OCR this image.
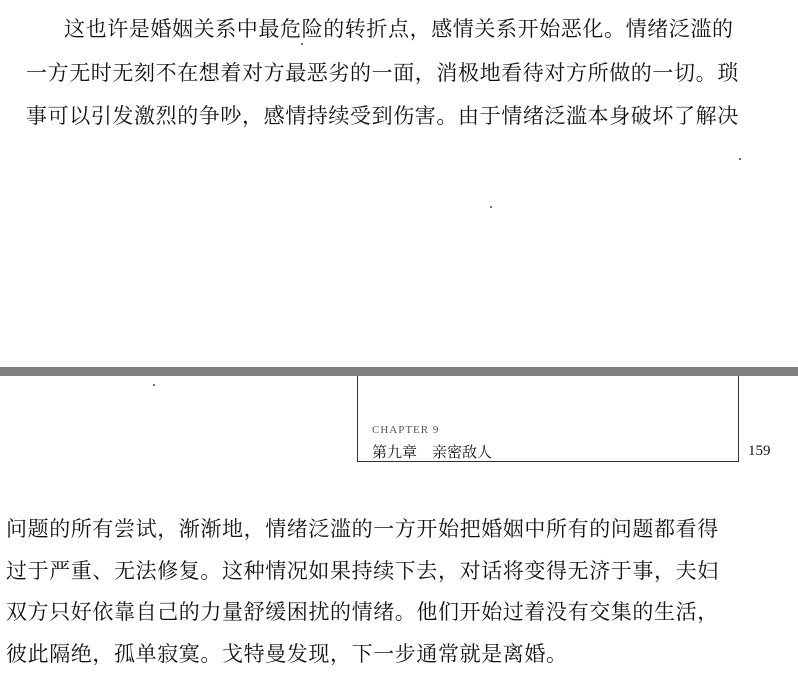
这也许是婚姻关系中最危险的转折点，感情关系开始恶化。情绪泛滥的
一方无时无刻不在想着对方最恶劣的一面，消极地看待对方所做的一切。琐
事可以引发激烈的争吵，感情持续受到伤害。由于情绪泛滥本身破坏了解决
CHAPTER 9
第九章　亲密敌人	159
问题的所有尝试，渐渐地，情绪泛滥的一方开始把婚姻中所有的问题都看得
过于严重、无法修复。这种情况如果持续下去，对话将变得无济于事，夫妇
双方只好依靠自己的力量舒缓困扰的情绪。他们开始过着没有交集的生活，
彼此隔绝，孤单寂寞。戈特曼发现，下一步通常就是离婚。
